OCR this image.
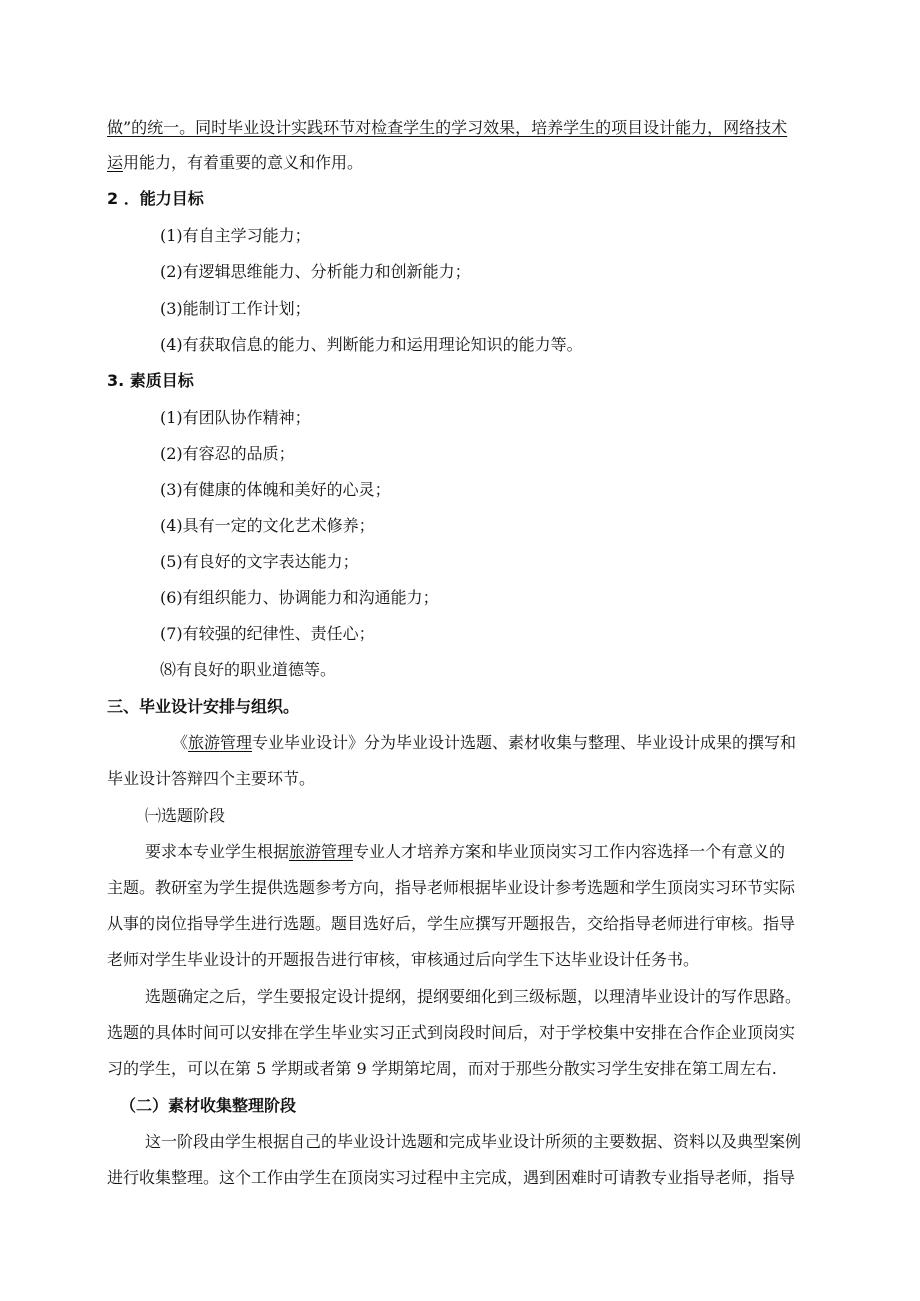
做”的统一。同时毕业设计实践环节对检查学生的学习效果，培养学生的项目设计能力，网络技术
运用能力，有着重要的意义和作用。
2 ．能力目标
(1)有自主学习能力；
(2)有逻辑思维能力、分析能力和创新能力；
(3)能制订工作计划；
(4)有获取信息的能力、判断能力和运用理论知识的能力等。
3. 素质目标
(1)有团队协作精神；
(2)有容忍的品质；
(3)有健康的体魄和美好的心灵；
(4)具有一定的文化艺术修养；
(5)有良好的文字表达能力；
(6)有组织能力、协调能力和沟通能力；
(7)有较强的纪律性、责任心；
⑻有良好的职业道德等。
三、毕业设计安排与组织。
《旅游管理专业毕业设计》分为毕业设计选题、素材收集与整理、毕业设计成果的撰写和
毕业设计答辩四个主要环节。
㈠选题阶段
要求本专业学生根据旅游管理专业人才培养方案和毕业顶岗实习工作内容选择一个有意义的
主题。教研室为学生提供选题参考方向，指导老师根据毕业设计参考选题和学生顶岗实习环节实际
从事的岗位指导学生进行选题。题目选好后，学生应撰写开题报告，交给指导老师进行审核。指导
老师对学生毕业设计的开题报告进行审核，审核通过后向学生下达毕业设计任务书。
选题确定之后，学生要报定设计提纲，提纲要细化到三级标题，以理清毕业设计的写作思路。
选题的具体时间可以安排在学生毕业实习正式到岗段时间后，对于学校集中安排在合作企业顶岗实
习的学生，可以在第 5 学期或者第 9 学期第坨周，而对于那些分散实习学生安排在第工周左右.
（二）素材收集整理阶段
这一阶段由学生根据自己的毕业设计选题和完成毕业设计所须的主要数据、资料以及典型案例
进行收集整理。这个工作由学生在顶岗实习过程中主完成，遇到困难时可请教专业指导老师，指导
